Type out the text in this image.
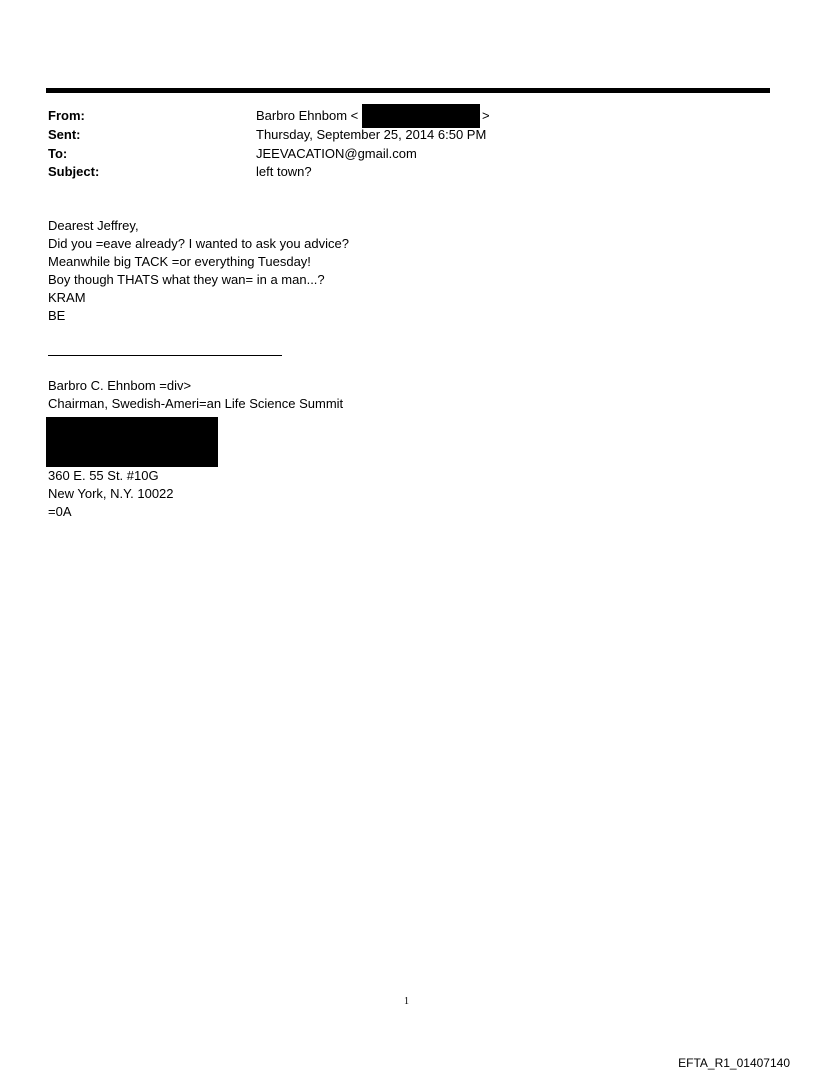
From:	Barbro Ehnbom <	>
Sent:	Thursday, September 25, 2014 6:50 PM
To:	JEEVACATION@gmail.com
Subject:	left town?
Dearest Jeffrey,
Did you =eave already? I wanted to ask you advice?
Meanwhile big TACK =or everything Tuesday!
Boy though THATS what they wan= in a man...?
KRAM
BE
Barbro C. Ehnbom =div>
Chairman, Swedish-Ameri=an Life Science Summit
360 E. 55 St. #10G
New York, N.Y. 10022
=0A
1
EFTA_R1_01407140
